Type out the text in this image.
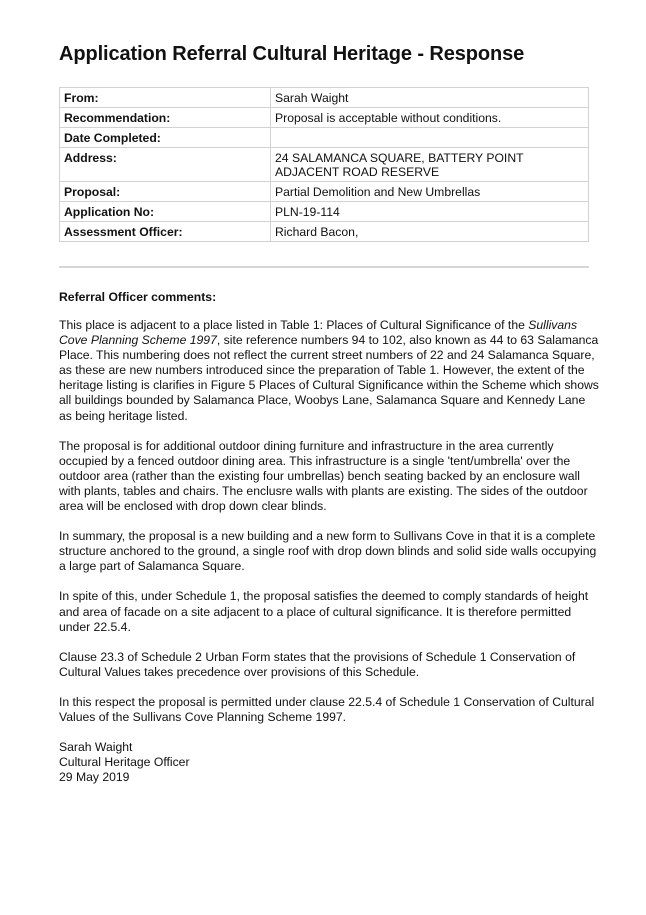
Application Referral Cultural Heritage - Response
From:	Sarah Waight
Recommendation:	Proposal is acceptable without conditions.
Date Completed:	
Address:	24 SALAMANCA SQUARE, BATTERY POINT
ADJACENT ROAD RESERVE

Proposal:	Partial Demolition and New Umbrellas
Application No:	PLN-19-114
Assessment Officer:	Richard Bacon,
Referral Officer comments:

This place is adjacent to a place listed in Table 1: Places of Cultural Significance of the Sullivans Cove Planning Scheme 1997, site reference numbers 94 to 102, also known as 44 to 63 Salamanca Place. This numbering does not reflect the current street numbers of 22 and 24 Salamanca Square, as these are new numbers introduced since the preparation of Table 1. However, the extent of the heritage listing is clarifies in Figure 5 Places of Cultural Significance within the Scheme which shows all buildings bounded by Salamanca Place, Woobys Lane, Salamanca Square and Kennedy Lane as being heritage listed.

The proposal is for additional outdoor dining furniture and infrastructure in the area currently occupied by a fenced outdoor dining area. This infrastructure is a single 'tent/umbrella' over the outdoor area (rather than the existing four umbrellas) bench seating backed by an enclosure wall with plants, tables and chairs. The enclusre walls with plants are existing. The sides of the outdoor area will be enclosed with drop down clear blinds.

In summary, the proposal is a new building and a new form to Sullivans Cove in that it is a complete structure anchored to the ground, a single roof with drop down blinds and solid side walls occupying a large part of Salamanca Square.

In spite of this, under Schedule 1, the proposal satisfies the deemed to comply standards of height and area of facade on a site adjacent to a place of cultural significance. It is therefore permitted under 22.5.4.

Clause 23.3 of Schedule 2 Urban Form states that the provisions of Schedule 1 Conservation of Cultural Values takes precedence over provisions of this Schedule.

In this respect the proposal is permitted under clause 22.5.4 of Schedule 1 Conservation of Cultural Values of the Sullivans Cove Planning Scheme 1997.

Sarah Waight
Cultural Heritage Officer
29 May 2019
